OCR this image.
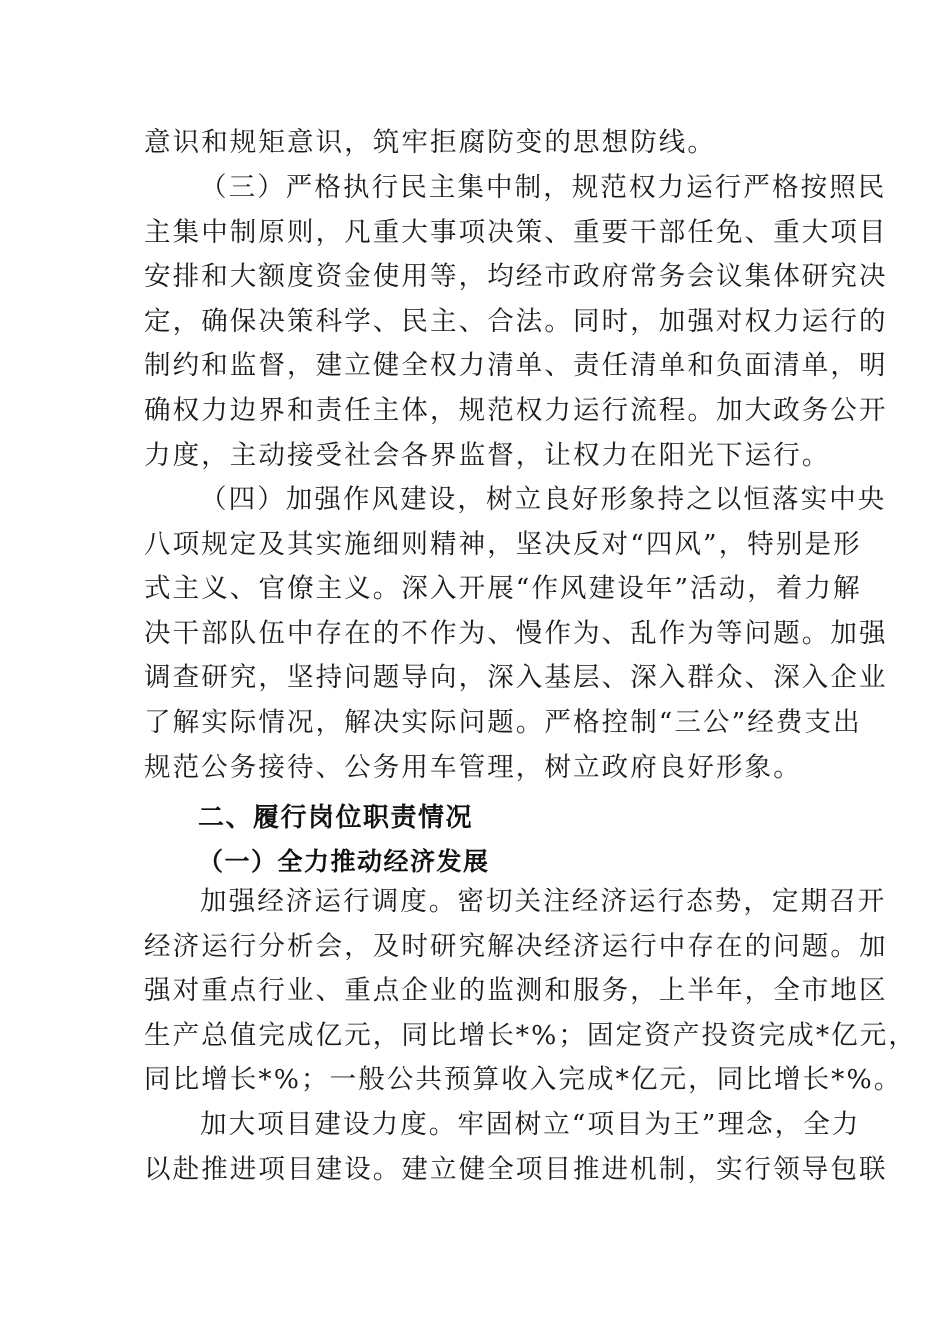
意识和规矩意识，筑牢拒腐防变的思想防线。
（三）严格执行民主集中制，规范权力运行严格按照民
主集中制原则，凡重大事项决策、重要干部任免、重大项目
安排和大额度资金使用等，均经市政府常务会议集体研究决
定，确保决策科学、民主、合法。同时，加强对权力运行的
制约和监督，建立健全权力清单、责任清单和负面清单，明
确权力边界和责任主体，规范权力运行流程。加大政务公开
力度，主动接受社会各界监督，让权力在阳光下运行。
（四）加强作风建设，树立良好形象持之以恒落实中央
八项规定及其实施细则精神，坚决反对“四风”，特别是形
式主义、官僚主义。深入开展“作风建设年”活动，着力解
决干部队伍中存在的不作为、慢作为、乱作为等问题。加强
调查研究，坚持问题导向，深入基层、深入群众、深入企业
了解实际情况，解决实际问题。严格控制“三公”经费支出
规范公务接待、公务用车管理，树立政府良好形象。
二、履行岗位职责情况
（一）全力推动经济发展
加强经济运行调度。密切关注经济运行态势，定期召开
经济运行分析会，及时研究解决经济运行中存在的问题。加
强对重点行业、重点企业的监测和服务，上半年，全市地区
生产总值完成亿元，同比增长*%；固定资产投资完成*亿元，
同比增长*%；一般公共预算收入完成*亿元，同比增长*%。
加大项目建设力度。牢固树立“项目为王”理念，全力
以赴推进项目建设。建立健全项目推进机制，实行领导包联
